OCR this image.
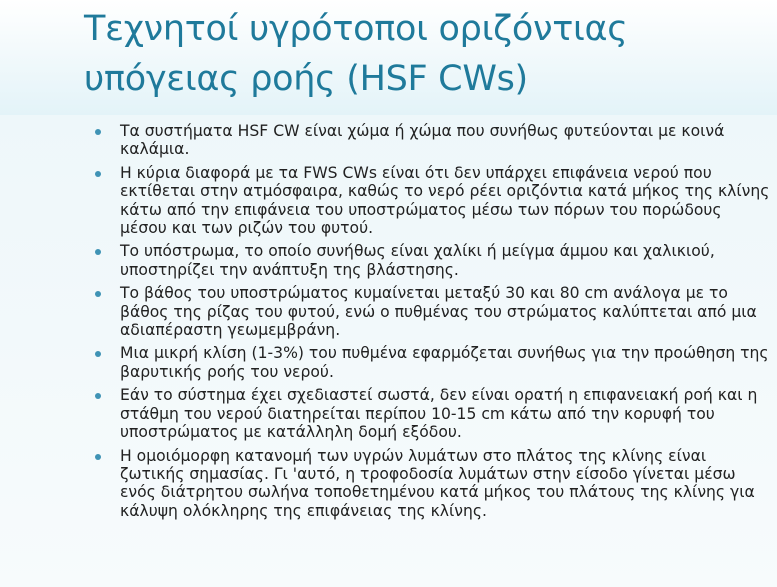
Τεχνητοί υγρότοποι οριζόντιας υπόγειας ροής (HSF CWs)
Τα συστήματα HSF CW είναι χώμα ή χώμα που συνήθως φυτεύονται με κοινά καλάμια.
Η κύρια διαφορά με τα FWS CWs είναι ότι δεν υπάρχει επιφάνεια νερού που εκτίθεται στην ατμόσφαιρα, καθώς το νερό ρέει οριζόντια κατά μήκος της κλίνης κάτω από την επιφάνεια του υποστρώματος μέσω των πόρων του πορώδους μέσου και των ριζών του φυτού.
Το υπόστρωμα, το οποίο συνήθως είναι χαλίκι ή μείγμα άμμου και χαλικιού, υποστηρίζει την ανάπτυξη της βλάστησης.
Το βάθος του υποστρώματος κυμαίνεται μεταξύ 30 και 80 cm ανάλογα με το βάθος της ρίζας του φυτού, ενώ ο πυθμένας του στρώματος καλύπτεται από μια αδιαπέραστη γεωμεμβράνη.
Μια μικρή κλίση (1-3%) του πυθμένα εφαρμόζεται συνήθως για την προώθηση της βαρυτικής ροής του νερού.
Εάν το σύστημα έχει σχεδιαστεί σωστά, δεν είναι ορατή η επιφανειακή ροή και η στάθμη του νερού διατηρείται περίπου 10-15 cm κάτω από την κορυφή του υποστρώματος με κατάλληλη δομή εξόδου.
Η ομοιόμορφη κατανομή των υγρών λυμάτων στο πλάτος της κλίνης είναι ζωτικής σημασίας. Γι 'αυτό, η τροφοδοσία λυμάτων στην είσοδο γίνεται μέσω ενός διάτρητου σωλήνα τοποθετημένου κατά μήκος του πλάτους της κλίνης για κάλυψη ολόκληρης της επιφάνειας της κλίνης.
